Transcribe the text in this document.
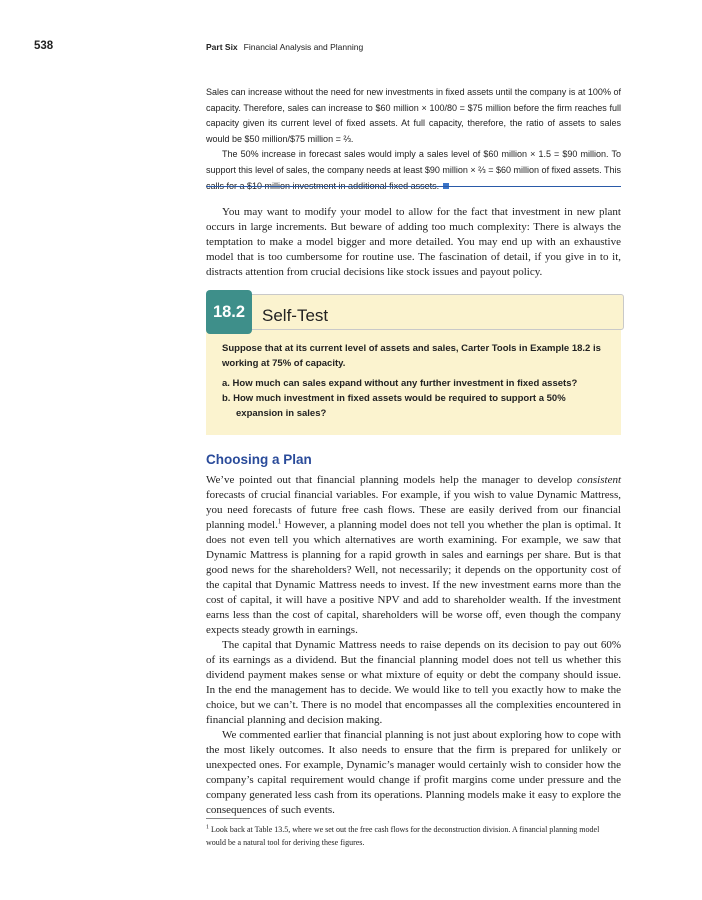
538	Part Six Financial Analysis and Planning

Sales can increase without the need for new investments in fixed assets until the company is at 100% of capacity. Therefore, sales can increase to $60 million × 100/80 = $75 million before the firm reaches full capacity given its current level of fixed assets. At full capacity, therefore, the ratio of assets to sales would be $50 million/$75 million = ⅔.

The 50% increase in forecast sales would imply a sales level of $60 million × 1.5 = $90 million. To support this level of sales, the company needs at least $90 million × ⅔ = $60 million of fixed assets. This

You may want to modify your model to allow for the fact that investment in new plant occurs in large increments. But beware of adding too much complexity: There is always the temptation to make a model bigger and more detailed. You may end up with an exhaustive model that is too cumbersome for routine use. The fascination of detail, if you give in to it, distracts attention from crucial decisions like stock issues and payout policy.

18.2 Self-Test

Suppose that at its current level of assets and sales, Carter Tools in Example 18.2 is working at 75% of capacity.

a. How much can sales expand without any further investment in fixed assets?

b. How much investment in fixed assets would be required to support a 50% expansion in sales?

Choosing a Plan

We’ve pointed out that financial planning models help the manager to develop consistent forecasts of crucial financial variables. For example, if you wish to value Dynamic Mattress, you need forecasts of future free cash flows. These are easily derived from our financial planning model.$^1$ However, a planning model does not tell you whether the plan is optimal. It does not even tell you which alternatives are worth examining. For example, we saw that Dynamic Mattress is planning for a rapid growth in sales and earnings per share. But is that good news for the shareholders? Well, not necessarily; it depends on the opportunity cost of the capital that Dynamic Mattress needs to invest. If the new investment earns more than the cost of capital, it will have a positive NPV and add to shareholder wealth. If the investment earns less than the cost of capital, shareholders will be worse off, even though the company expects steady growth in earnings.

The capital that Dynamic Mattress needs to raise depends on its decision to pay out 60% of its earnings as a dividend. But the financial planning model does not tell us whether this dividend payment makes sense or what mixture of equity or debt the company should issue. In the end the management has to decide. We would like to tell you exactly how to make the choice, but we can’t. There is no model that encompasses all the complexities encountered in financial planning and decision making.

We commented earlier that financial planning is not just about exploring how to cope with the most likely outcomes. It also needs to ensure that the firm is prepared for unlikely or unexpected ones. For example, Dynamic’s manager would certainly wish to consider how the company’s capital requirement would change if profit margins come under pressure and the company generated less cash from its operations. Planning models make it easy to explore the consequences of such events.

$^1$ Look back at Table 13.5, where we set out the free cash flows for the deconstruction division. A financial planning model would be a natural tool for deriving these figures.
